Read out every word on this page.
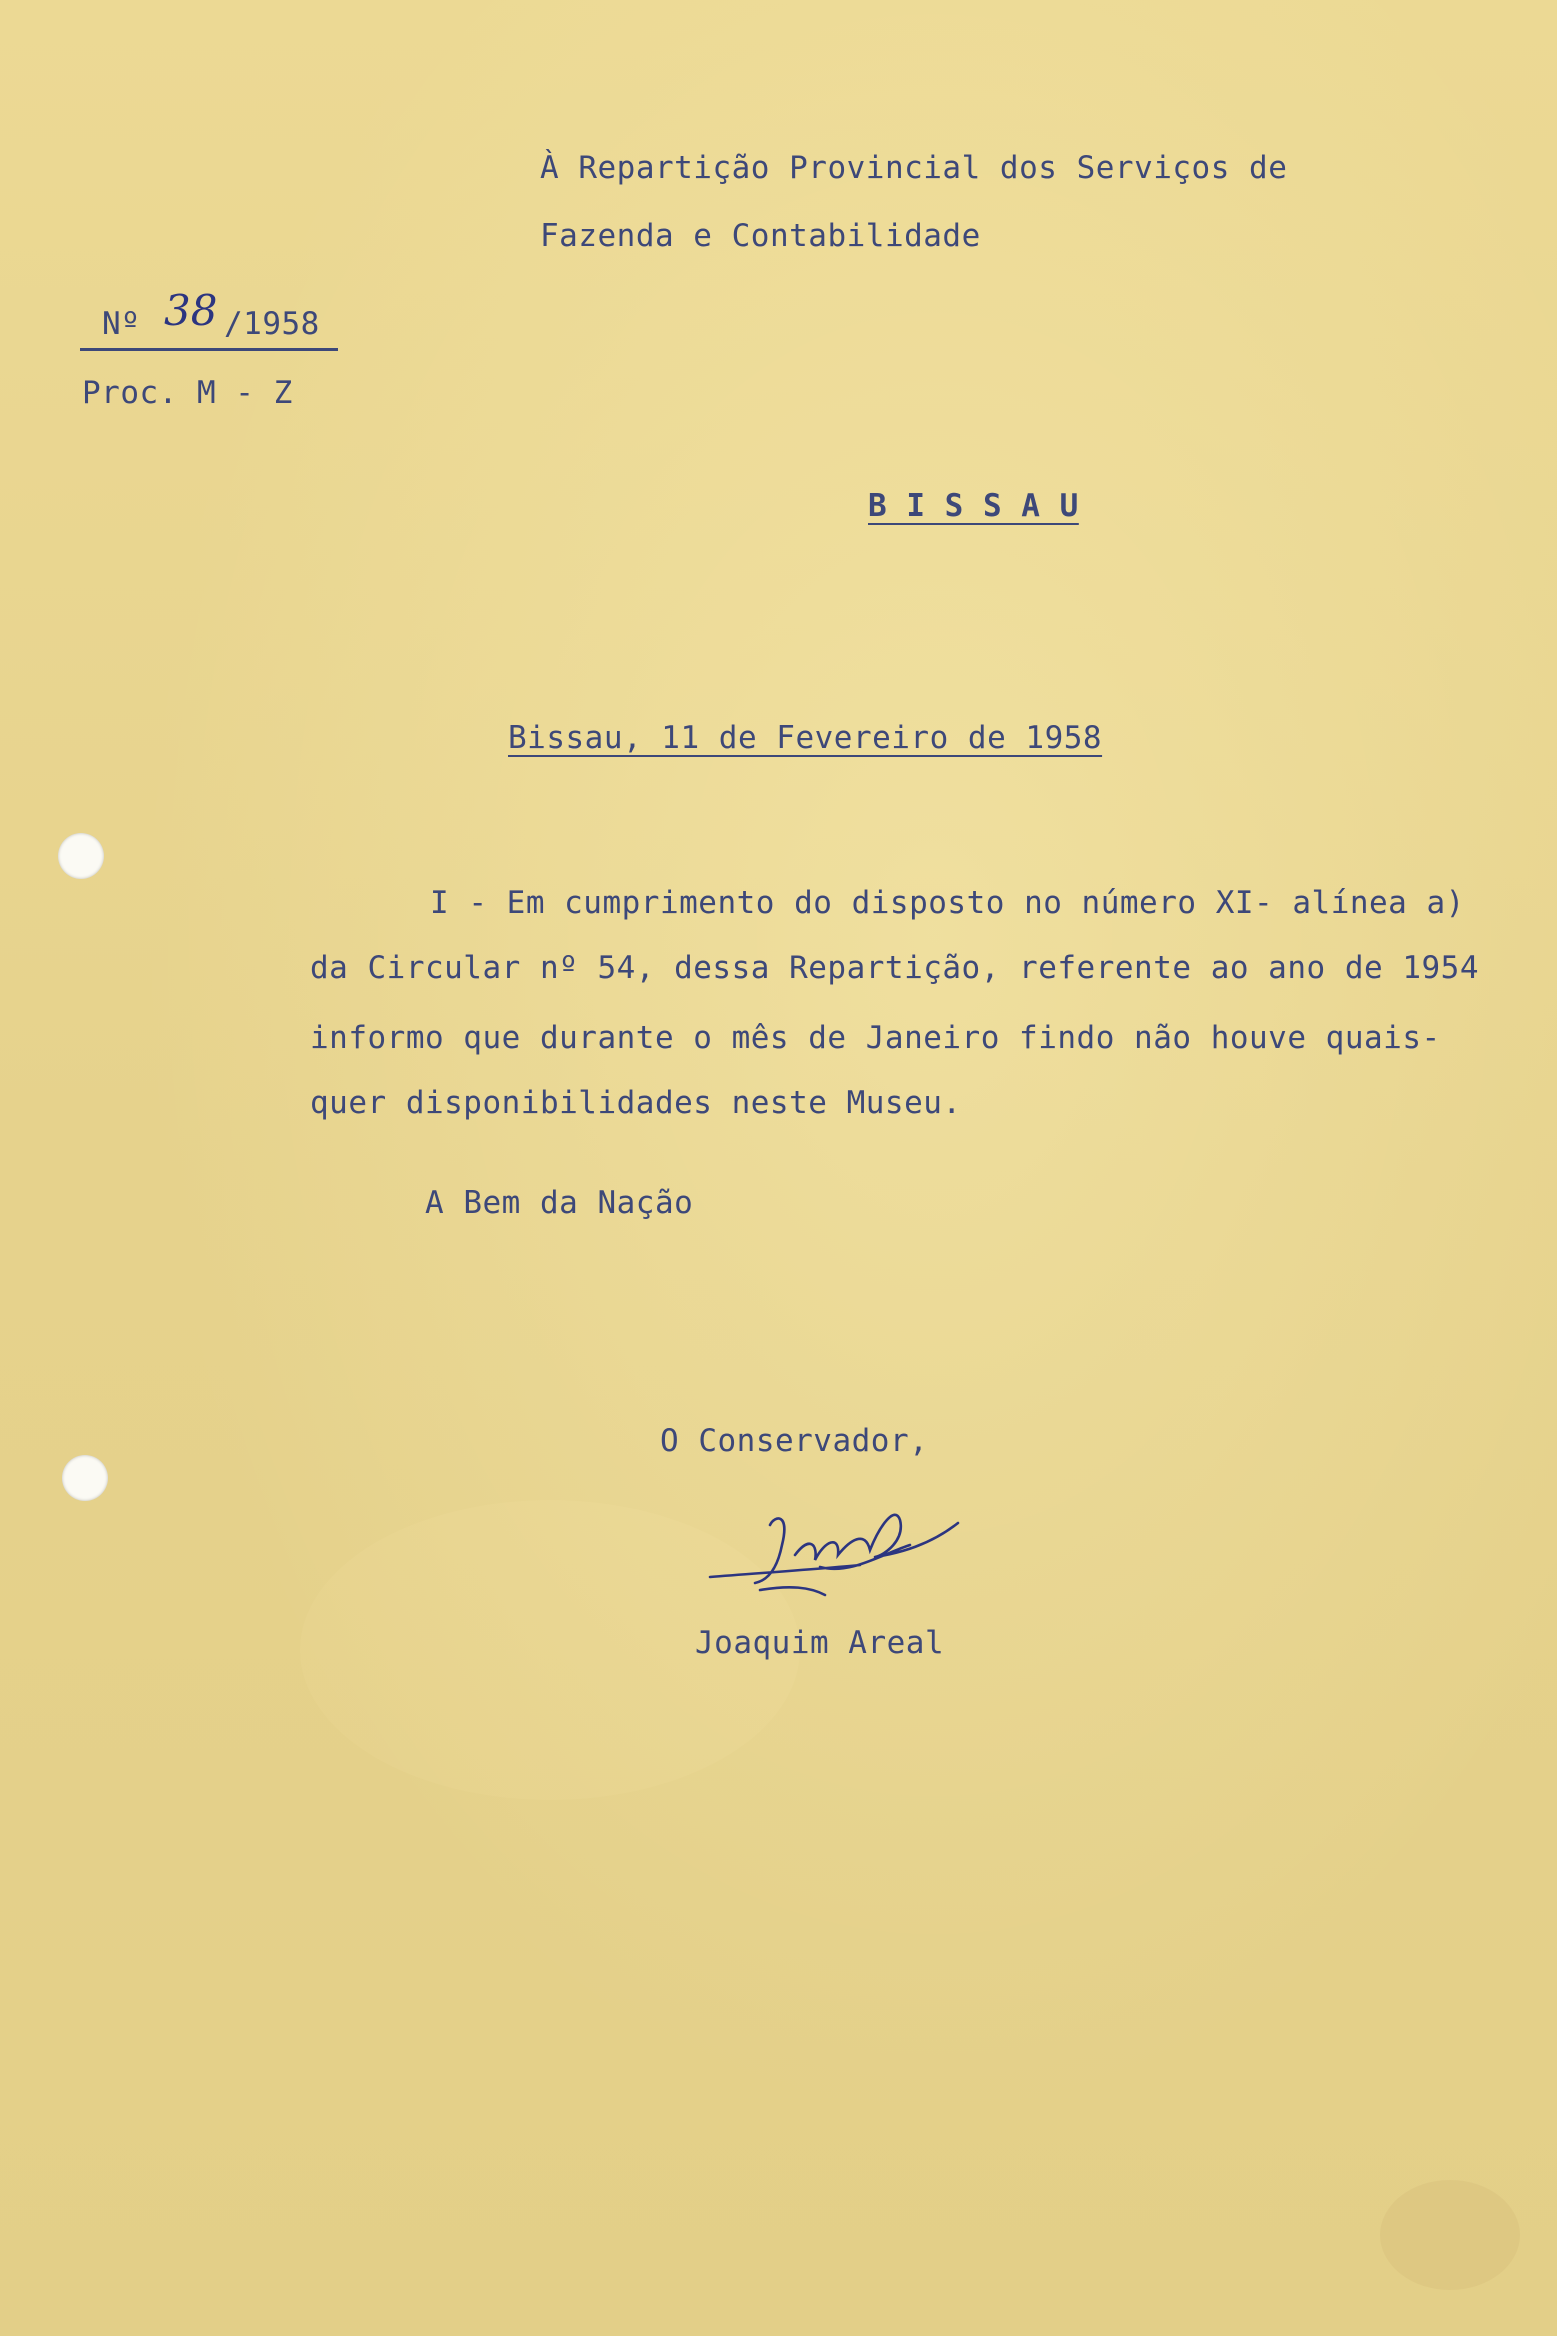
À Repartição Provincial dos Serviços de
Fazenda e Contabilidade
Nº 38 /1958
Proc. M - Z
B I S S A U
Bissau, 11 de Fevereiro de 1958
I - Em cumprimento do disposto no número XI- alínea a)
da Circular nº 54, dessa Repartição, referente ao ano de 1954
informo que durante o mês de Janeiro findo não houve quais-
quer disponibilidades neste Museu.
A Bem da Nação
O Conservador,
Joaquim Areal
